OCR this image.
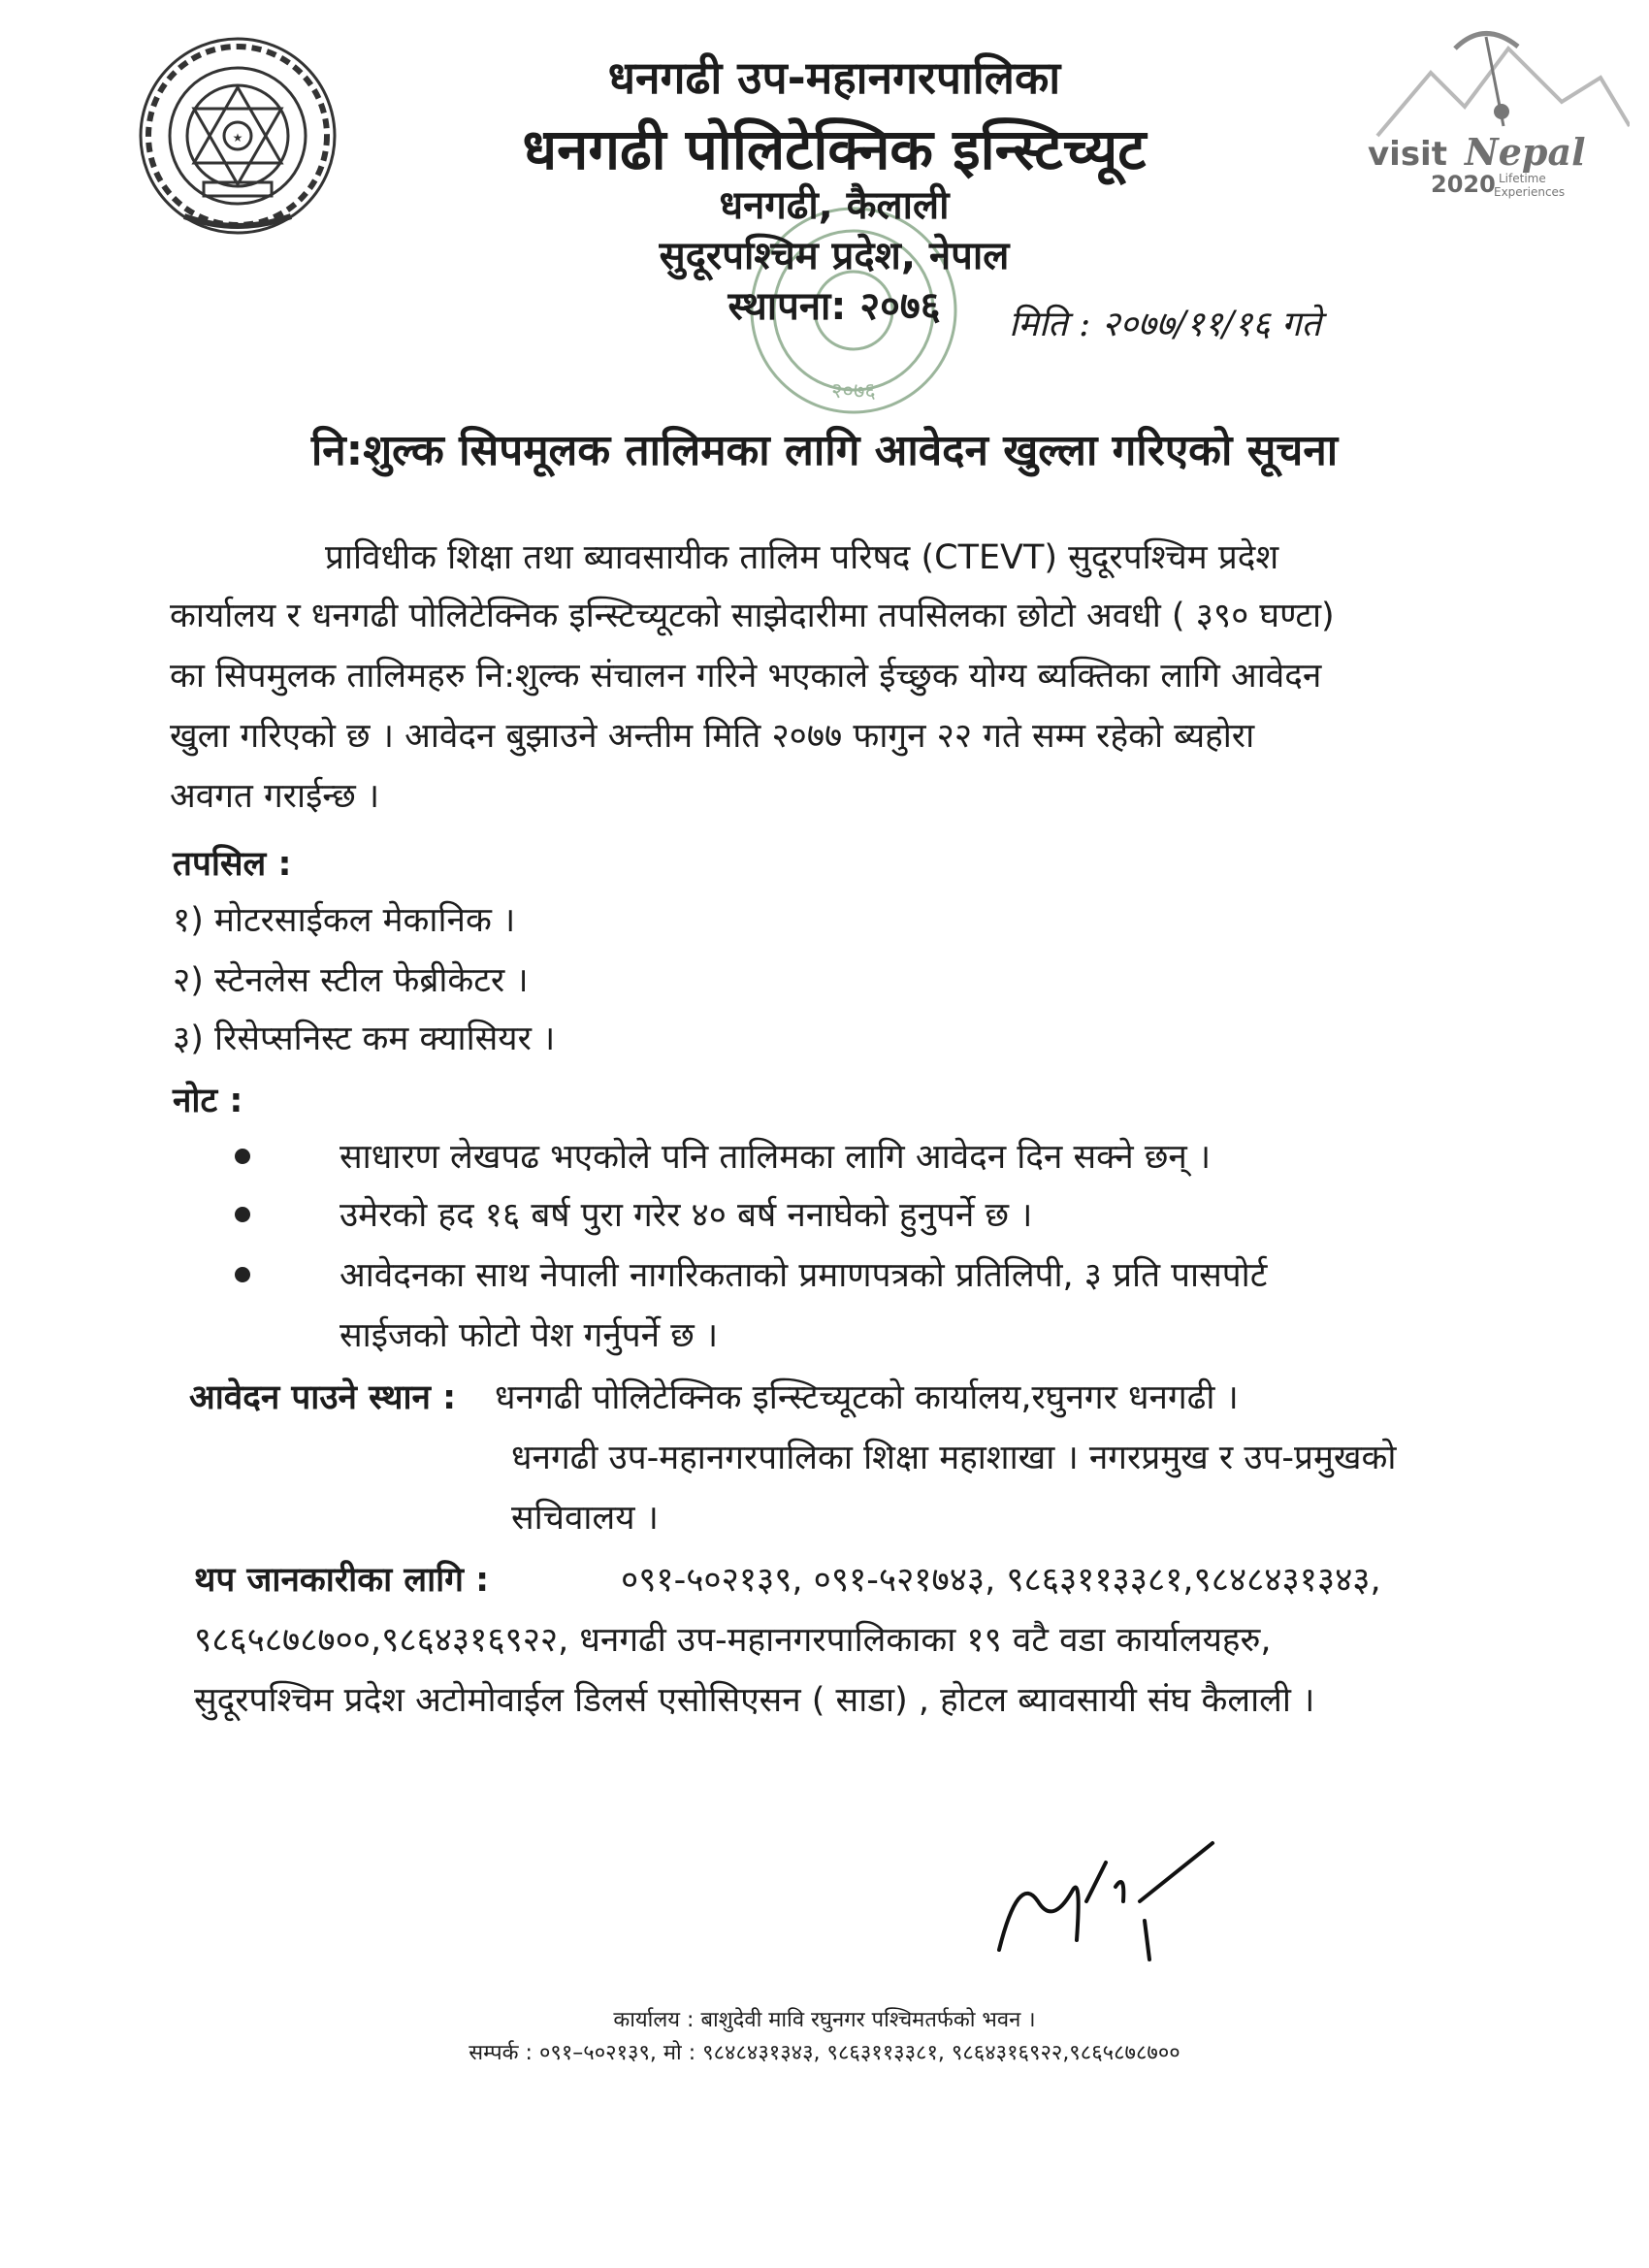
★	visit Nepal
2020 Lifetime
Experiences
२०७६
धनगढी उप-महानगरपालिका
धनगढी पोलिटेक्निक इन्स्टिच्यूट
धनगढी, कैलाली
सुदूरपश्चिम प्रदेश, नेपाल
स्थापना: २०७६	मिति : २०७७/११/१६ गते
नि:शुल्क सिपमूलक तालिमका लागि आवेदन खुल्ला गरिएको सूचना
प्राविधीक शिक्षा तथा ब्यावसायीक तालिम परिषद (CTEVT) सुदूरपश्चिम प्रदेश
कार्यालय र धनगढी पोलिटेक्निक इन्स्टिच्यूटको साझेदारीमा तपसिलका छोटो अवधी ( ३९० घण्टा)
का सिपमुलक तालिमहरु नि:शुल्क संचालन गरिने भएकाले ईच्छुक योग्य ब्यक्तिका लागि आवेदन
खुला गरिएको छ । आवेदन बुझाउने अन्तीम मिति २०७७ फागुन २२ गते सम्म रहेको ब्यहोरा
अवगत गराईन्छ ।
तपसिल :
१) मोटरसाईकल मेकानिक ।
२) स्टेनलेस स्टील फेब्रीकेटर ।
३) रिसेप्सनिस्ट कम क्यासियर ।
नोट :
साधारण लेखपढ भएकोले पनि तालिमका लागि आवेदन दिन सक्ने छन् ।
उमेरको हद १६ बर्ष पुरा गरेर ४० बर्ष ननाघेको हुनुपर्ने छ ।
आवेदनका साथ नेपाली नागरिकताको प्रमाणपत्रको प्रतिलिपी, ३ प्रति पासपोर्ट
साईजको फोटो पेश गर्नुपर्ने छ ।
आवेदन पाउने स्थान : धनगढी पोलिटेक्निक इन्स्टिच्यूटको कार्यालय,रघुनगर धनगढी ।
धनगढी उप-महानगरपालिका शिक्षा महाशाखा । नगरप्रमुख र उप-प्रमुखको
सचिवालय ।
थप जानकारीका लागि :	०९१-५०२१३९, ०९१-५२१७४३, ९८६३११३३८१,९८४८४३१३४३,
९८६५८७८७००,९८६४३१६९२२, धनगढी उप-महानगरपालिकाका १९ वटै वडा कार्यालयहरु,
सुदूरपश्चिम प्रदेश अटोमोवाईल डिलर्स एसोसिएसन ( साडा) , होटल ब्यावसायी संघ कैलाली ।
कार्यालय : बाशुदेवी मावि रघुनगर पश्चिमतर्फको भवन ।
सम्पर्क : ०९१–५०२१३९, मो : ९८४८४३१३४३, ९८६३११३३८१, ९८६४३१६९२२,९८६५८७८७००
